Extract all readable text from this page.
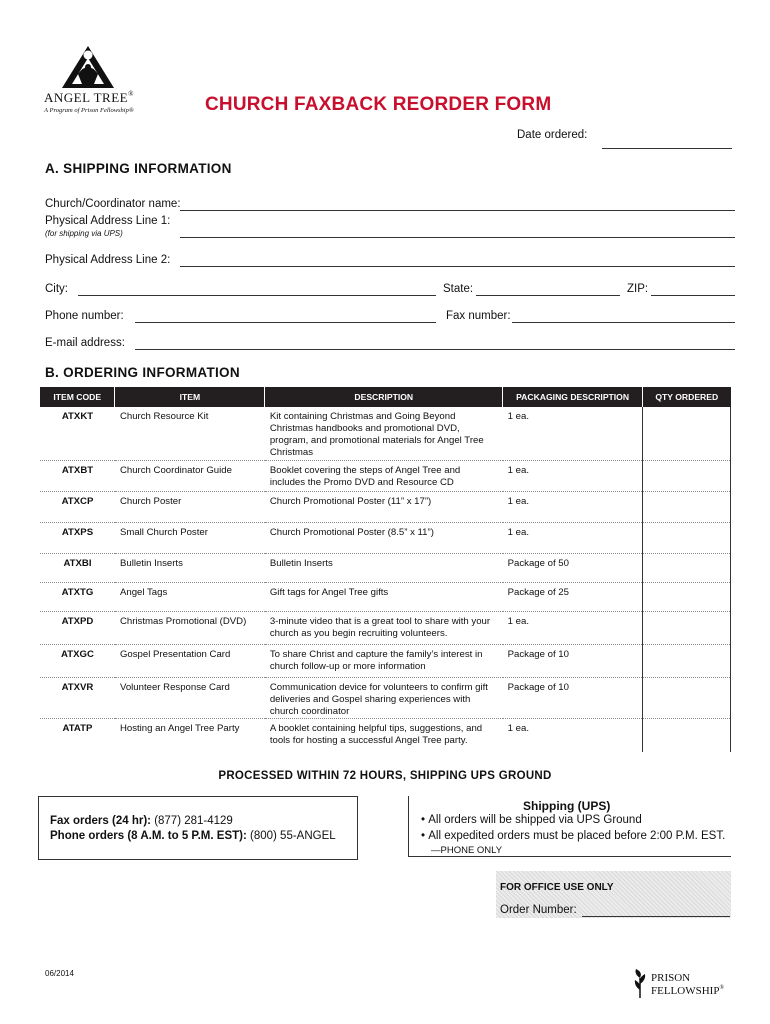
ANGEL TREE®
A Program of Prison Fellowship®	CHURCH FAXBACK REORDER FORM
Date ordered:
A. SHIPPING INFORMATION
Church/Coordinator name:
Physical Address Line 1:
(for shipping via UPS)
Physical Address Line 2:
City:	State:	ZIP:
Phone number:	Fax number:
E-mail address:
B. ORDERING INFORMATION
ITEM CODE	ITEM	DESCRIPTION	PACKAGING DESCRIPTION	QTY ORDERED
ATXKT	Church Resource Kit	Kit containing Christmas and Going Beyond Christmas handbooks and promotional DVD, program, and promotional materials for Angel Tree Christmas	1 ea.	
ATXBT	Church Coordinator Guide	Booklet covering the steps of Angel Tree and includes the Promo DVD and Resource CD	1 ea.	
ATXCP	Church Poster	Church Promotional Poster (11” x 17”)	1 ea.	
ATXPS	Small Church Poster	Church Promotional Poster (8.5” x 11”)	1 ea.	
ATXBI	Bulletin Inserts	Bulletin Inserts	Package of 50	
ATXTG	Angel Tags	Gift tags for Angel Tree gifts	Package of 25	
ATXPD	Christmas Promotional (DVD)	3-minute video that is a great tool to share with your church as you begin recruiting volunteers.	1 ea.	
ATXGC	Gospel Presentation Card	To share Christ and capture the family’s interest in church follow-up or more information	Package of 10	
ATXVR	Volunteer Response Card	Communication device for volunteers to confirm gift deliveries and Gospel sharing experiences with church coordinator	Package of 10	
ATATP	Hosting an Angel Tree Party	A booklet containing helpful tips, suggestions, and tools for hosting a successful Angel Tree party.	1 ea.	
PROCESSED WITHIN 72 HOURS, SHIPPING UPS GROUND
Fax orders (24 hr): (877) 281-4129
Phone orders (8 A.M. to 5 P.M. EST): (800) 55-ANGEL
Shipping (UPS)
• All orders will be shipped via UPS Ground
• All expedited orders must be placed before 2:00 P.M. EST.
—PHONE ONLY
FOR OFFICE USE ONLY
Order Number:
06/2014	PRISON
FELLOWSHIP®
